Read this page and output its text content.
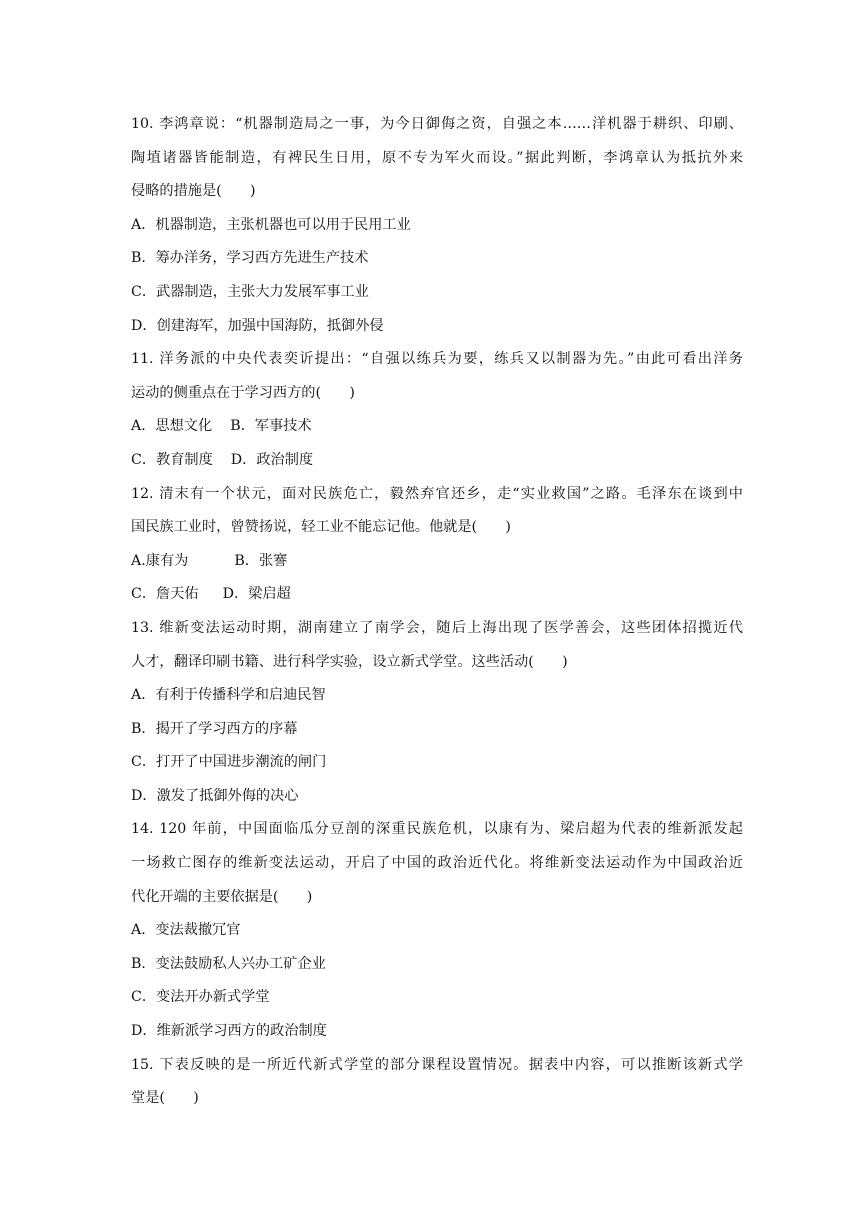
10. 李鸿章说：“机器制造局之一事，为今日御侮之资，自强之本……洋机器于耕织、印刷、
陶埴诸器皆能制造，有裨民生日用，原不专为军火而设。”据此判断，李鸿章认为抵抗外来
侵略的措施是(　　)
A．机器制造，主张机器也可以用于民用工业
B．筹办洋务，学习西方先进生产技术
C．武器制造，主张大力发展军事工业
D．创建海军，加强中国海防，抵御外侵
11. 洋务派的中央代表奕䜣提出：“自强以练兵为要，练兵又以制器为先。”由此可看出洋务
运动的侧重点在于学习西方的(　　)
A．思想文化 B．军事技术
C．教育制度 D．政治制度
12. 清末有一个状元，面对民族危亡，毅然弃官还乡，走“实业救国”之路。毛泽东在谈到中
国民族工业时，曾赞扬说，轻工业不能忘记他。他就是(　　)
A.康有为	B．张謇
C．詹天佑 D．梁启超
13. 维新变法运动时期，湖南建立了南学会，随后上海出现了医学善会，这些团体招揽近代
人才，翻译印刷书籍、进行科学实验，设立新式学堂。这些活动(　　)
A．有利于传播科学和启迪民智
B．揭开了学习西方的序幕
C．打开了中国进步潮流的闸门
D．激发了抵御外侮的决心
14. 120 年前，中国面临瓜分豆剖的深重民族危机，以康有为、梁启超为代表的维新派发起
一场救亡图存的维新变法运动，开启了中国的政治近代化。将维新变法运动作为中国政治近
代化开端的主要依据是(　　)
A．变法裁撤冗官
B．变法鼓励私人兴办工矿企业
C．变法开办新式学堂
D．维新派学习西方的政治制度
15. 下表反映的是一所近代新式学堂的部分课程设置情况。据表中内容，可以推断该新式学
堂是(　　)
